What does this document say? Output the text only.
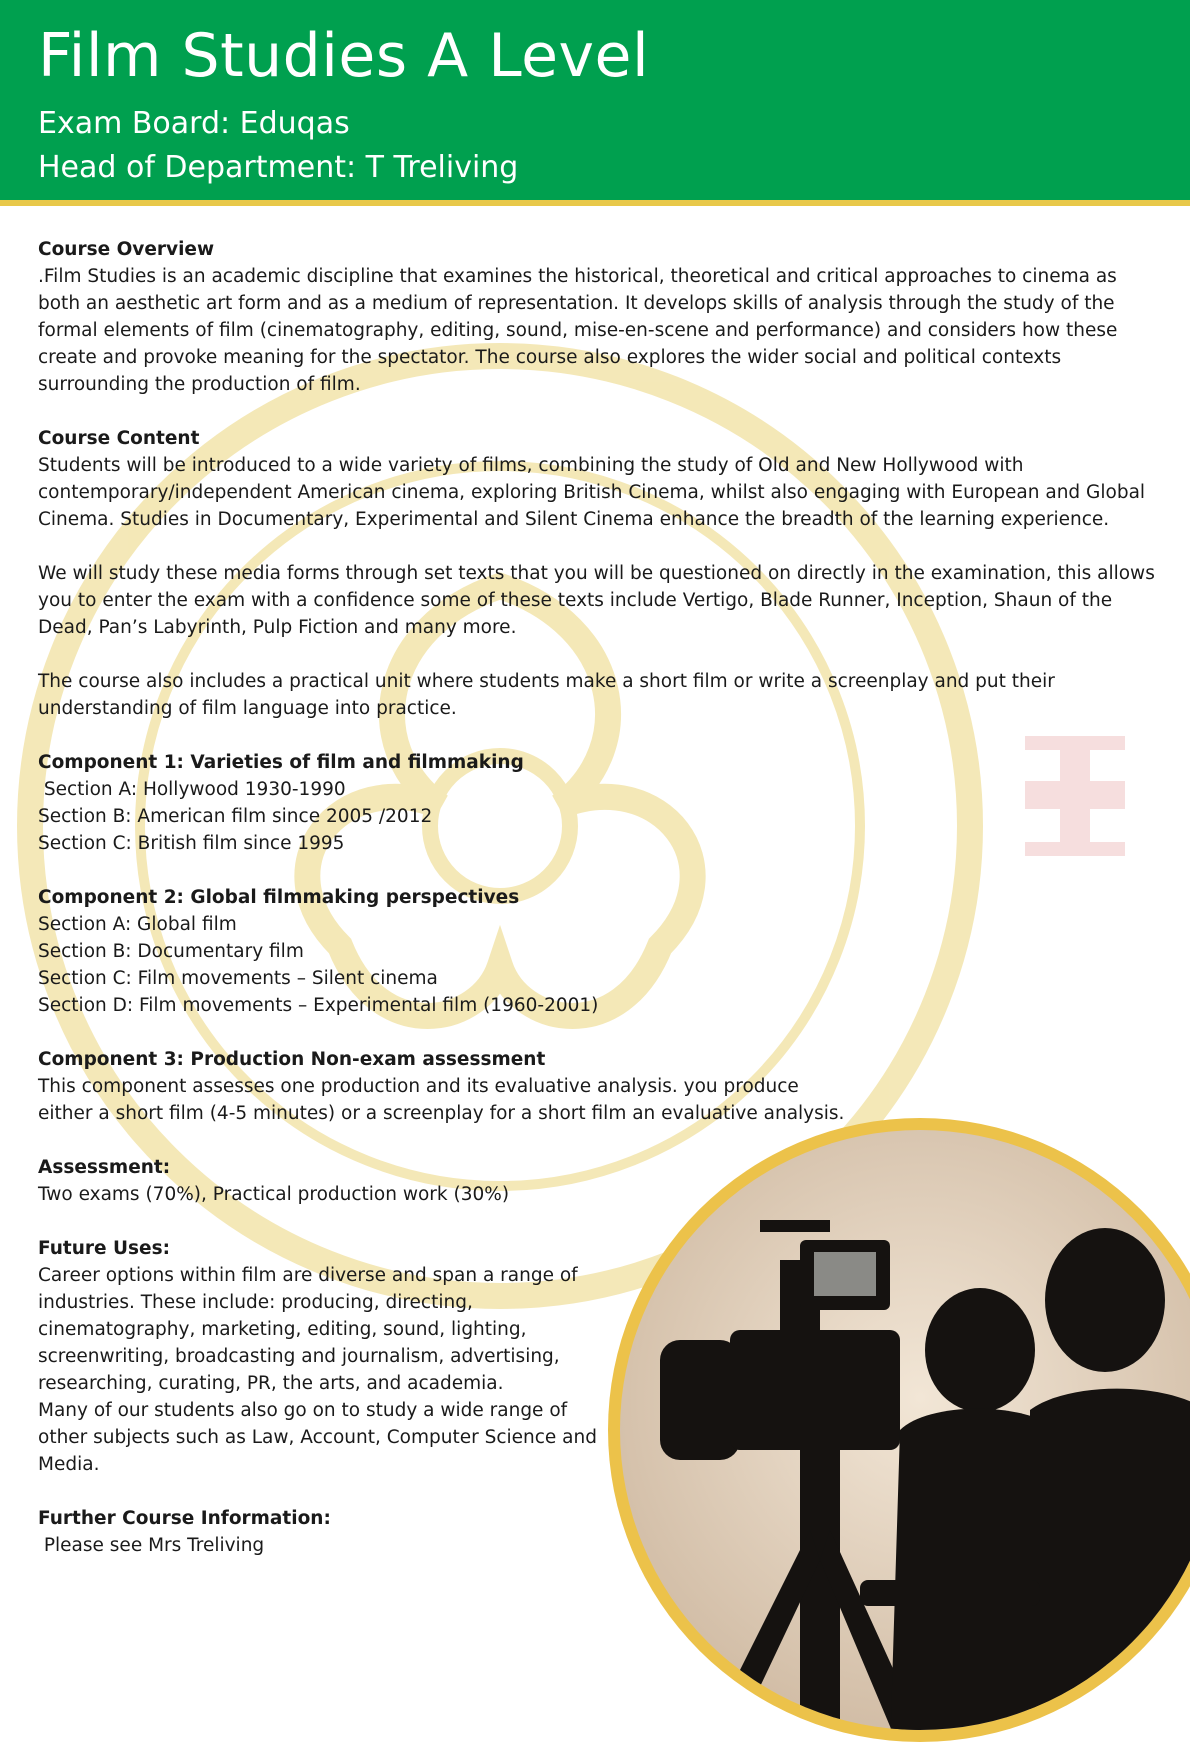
Film Studies A Level
Exam Board: Eduqas
Head of Department: T Treliving

Course Overview

.Film Studies is an academic discipline that examines the historical, theoretical and critical approaches to cinema as both an aesthetic art form and as a medium of representation. It develops skills of analysis through the study of the formal elements of film (cinematography, editing, sound, mise-en-scene and performance) and considers how these create and provoke meaning for the spectator. The course also explores the wider social and political contexts surrounding the production of film.

Course Content

Students will be introduced to a wide variety of films, combining the study of Old and New Hollywood with contemporary/independent American cinema, exploring British Cinema, whilst also engaging with European and Global Cinema. Studies in Documentary, Experimental and Silent Cinema enhance the breadth of the learning experience.

We will study these media forms through set texts that you will be questioned on directly in the examination, this allows you to enter the exam with a confidence some of these texts include Vertigo, Blade Runner, Inception, Shaun of the Dead, Pan’s Labyrinth, Pulp Fiction and many more.

The course also includes a practical unit where students make a short film or write a screenplay and put their understanding of film language into practice.

Component 1: Varieties of film and filmmaking

Section A: Hollywood 1930-1990

Section B: American film since 2005 /2012

Section C: British film since 1995

Component 2: Global filmmaking perspectives

Section A: Global film

Section B: Documentary film

Section C: Film movements – Silent cinema

Section D: Film movements – Experimental film (1960-2001)

Component 3: Production Non-exam assessment

This component assesses one production and its evaluative analysis. you produce either a short film (4-5 minutes) or a screenplay for a short film an evaluative analysis.

Assessment:

Two exams (70%), Practical production work (30%)

Future Uses:

Career options within film are diverse and span a range of industries. These include: producing, directing, cinematography, marketing, editing, sound, lighting, screenwriting, broadcasting and journalism, advertising, researching, curating, PR, the arts, and academia.

Many of our students also go on to study a wide range of other subjects such as Law, Account, Computer Science and Media.

Further Course Information:

Please see Mrs Treliving
